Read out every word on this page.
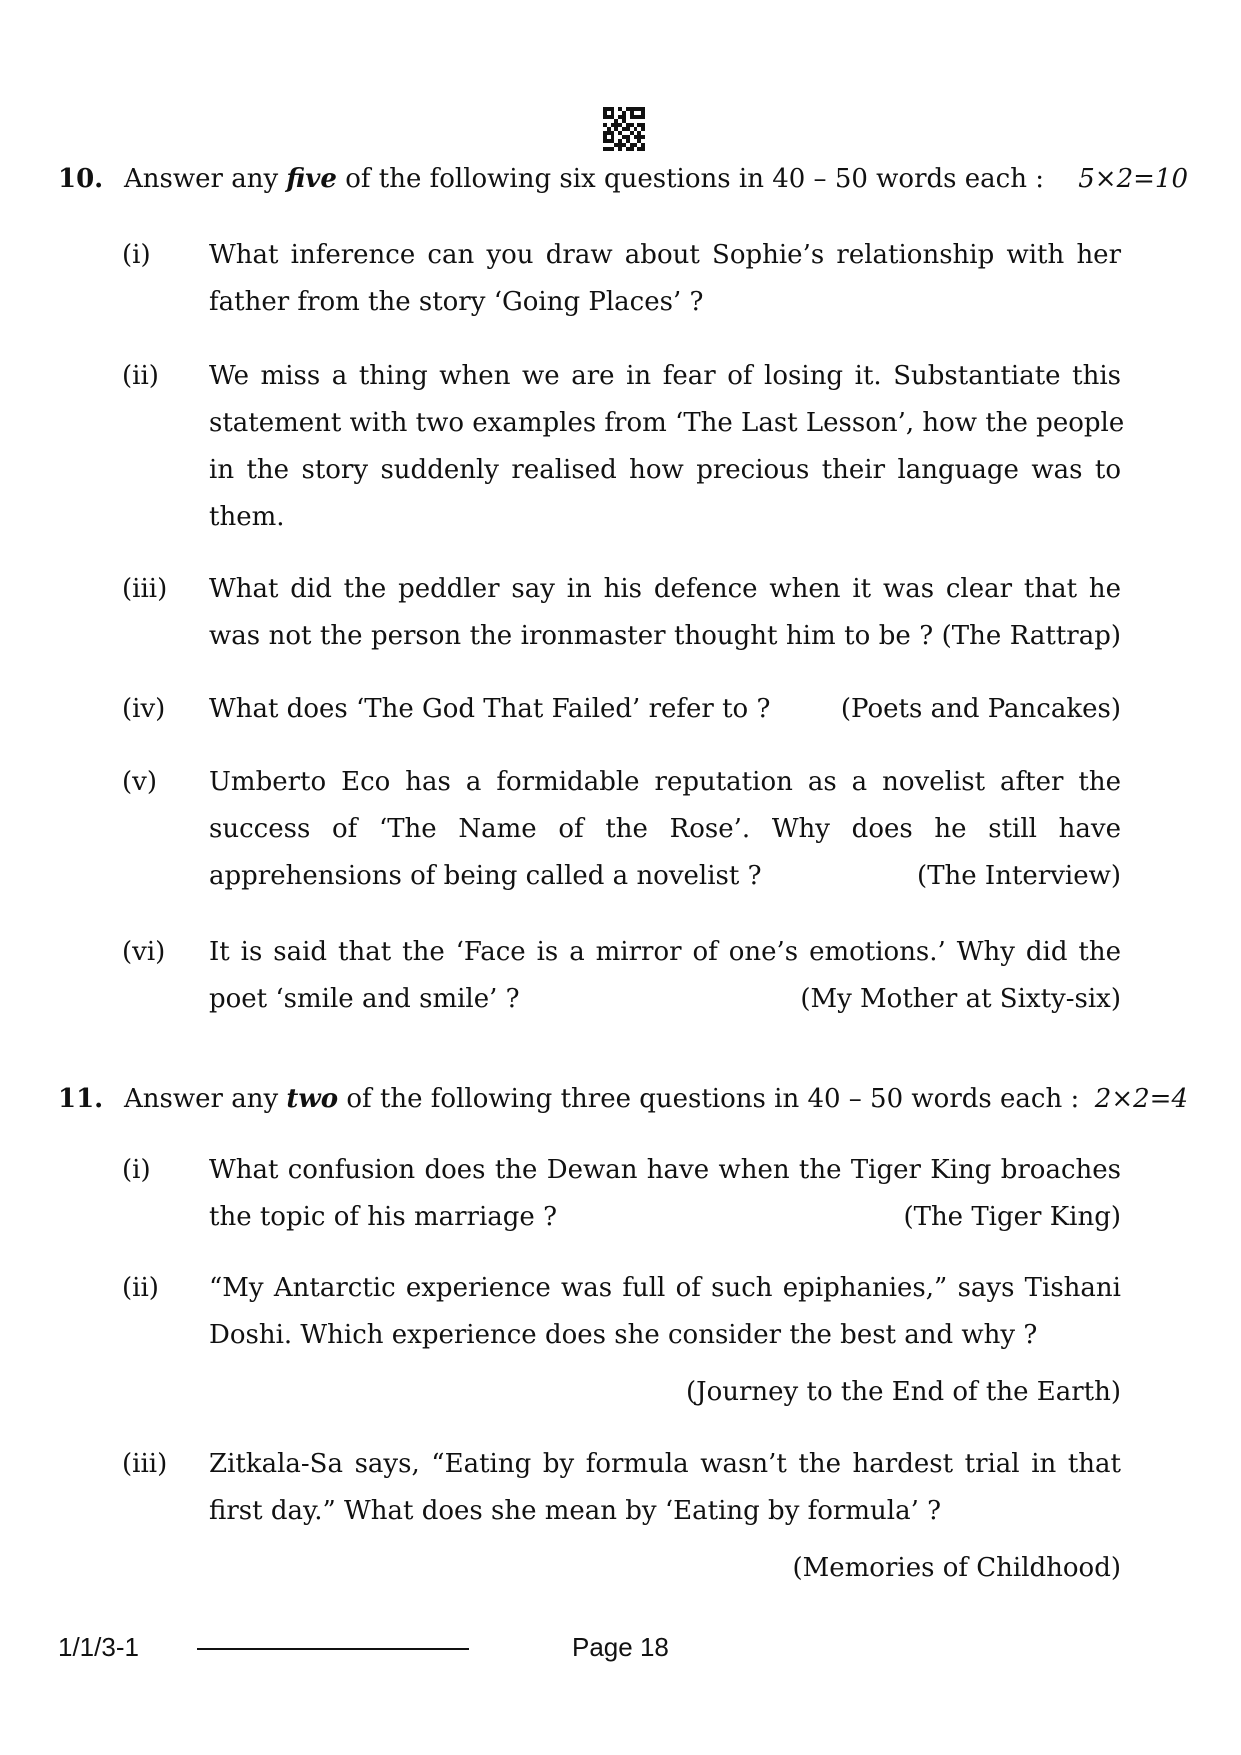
10. Answer any five of the following six questions in 40 – 50 words each : 5×2=10
(i) What inference can you draw about Sophie’s relationship with her
father from the story ‘Going Places’ ?
(ii) We miss a thing when we are in fear of losing it. Substantiate this
statement with two examples from ‘The Last Lesson’, how the people
in the story suddenly realised how precious their language was to
them.
(iii) What did the peddler say in his defence when it was clear that he
was not the person the ironmaster thought him to be ? (The Rattrap)
(iv) What does ‘The God That Failed’ refer to ?	(Poets and Pancakes)
(v) Umberto Eco has a formidable reputation as a novelist after the
success of ‘The Name of the Rose’. Why does he still have
apprehensions of being called a novelist ?	(The Interview)
(vi) It is said that the ‘Face is a mirror of one’s emotions.’ Why did the
poet ‘smile and smile’ ?	(My Mother at Sixty-six)
11. Answer any two of the following three questions in 40 – 50 words each : 2×2=4
(i) What confusion does the Dewan have when the Tiger King broaches
the topic of his marriage ?	(The Tiger King)
(ii) “My Antarctic experience was full of such epiphanies,” says Tishani
Doshi. Which experience does she consider the best and why ?
(Journey to the End of the Earth)
(iii) Zitkala-Sa says, “Eating by formula wasn’t the hardest trial in that
first day.” What does she mean by ‘Eating by formula’ ?
(Memories of Childhood)
1/1/3-1	Page 18
